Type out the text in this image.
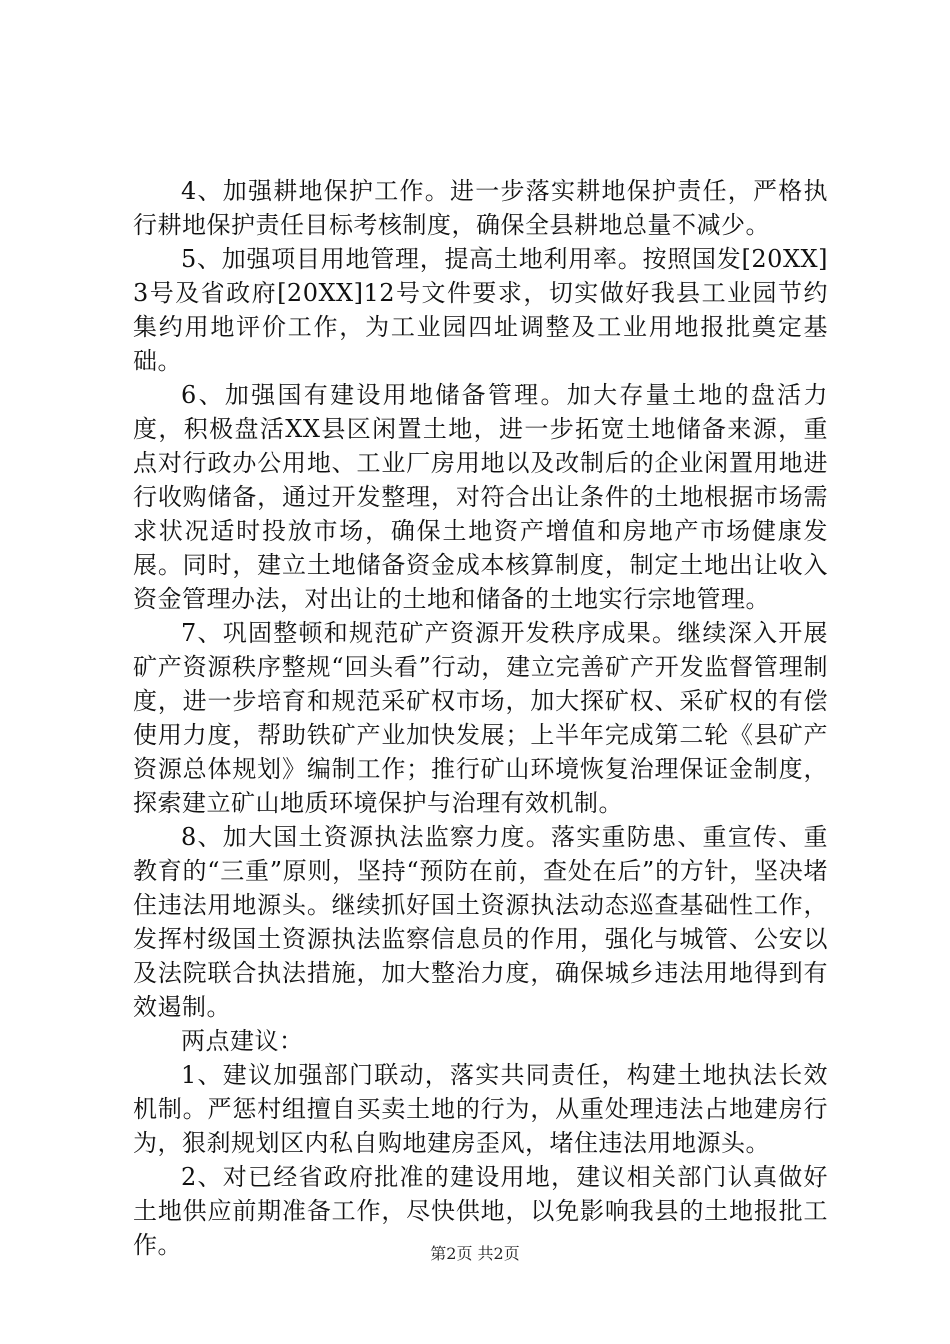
4、加强耕地保护工作。进一步落实耕地保护责任，严格执行耕地保护责任目标考核制度，确保全县耕地总量不减少。

5、加强项目用地管理，提高土地利用率。按照国发[20XX]3号及省政府[20XX]12号文件要求，切实做好我县工业园节约集约用地评价工作，为工业园四址调整及工业用地报批奠定基础。

6、加强国有建设用地储备管理。加大存量土地的盘活力度，积极盘活XX县区闲置土地，进一步拓宽土地储备来源，重点对行政办公用地、工业厂房用地以及改制后的企业闲置用地进行收购储备，通过开发整理，对符合出让条件的土地根据市场需求状况适时投放市场，确保土地资产增值和房地产市场健康发展。同时，建立土地储备资金成本核算制度，制定土地出让收入资金管理办法，对出让的土地和储备的土地实行宗地管理。

7、巩固整顿和规范矿产资源开发秩序成果。继续深入开展矿产资源秩序整规“回头看”行动，建立完善矿产开发监督管理制度，进一步培育和规范采矿权市场，加大探矿权、采矿权的有偿使用力度，帮助铁矿产业加快发展；上半年完成第二轮《县矿产资源总体规划》编制工作；推行矿山环境恢复治理保证金制度，探索建立矿山地质环境保护与治理有效机制。

8、加大国土资源执法监察力度。落实重防患、重宣传、重教育的“三重”原则，坚持“预防在前，查处在后”的方针，坚决堵住违法用地源头。继续抓好国土资源执法动态巡查基础性工作，发挥村级国土资源执法监察信息员的作用，强化与城管、公安以及法院联合执法措施，加大整治力度，确保城乡违法用地得到有效遏制。

两点建议：

1、建议加强部门联动，落实共同责任，构建土地执法长效机制。严惩村组擅自买卖土地的行为，从重处理违法占地建房行为，狠刹规划区内私自购地建房歪风，堵住违法用地源头。

2、对已经省政府批准的建设用地，建议相关部门认真做好土地供应前期准备工作，尽快供地，以免影响我县的土地报批工作。	第2页 共2页
